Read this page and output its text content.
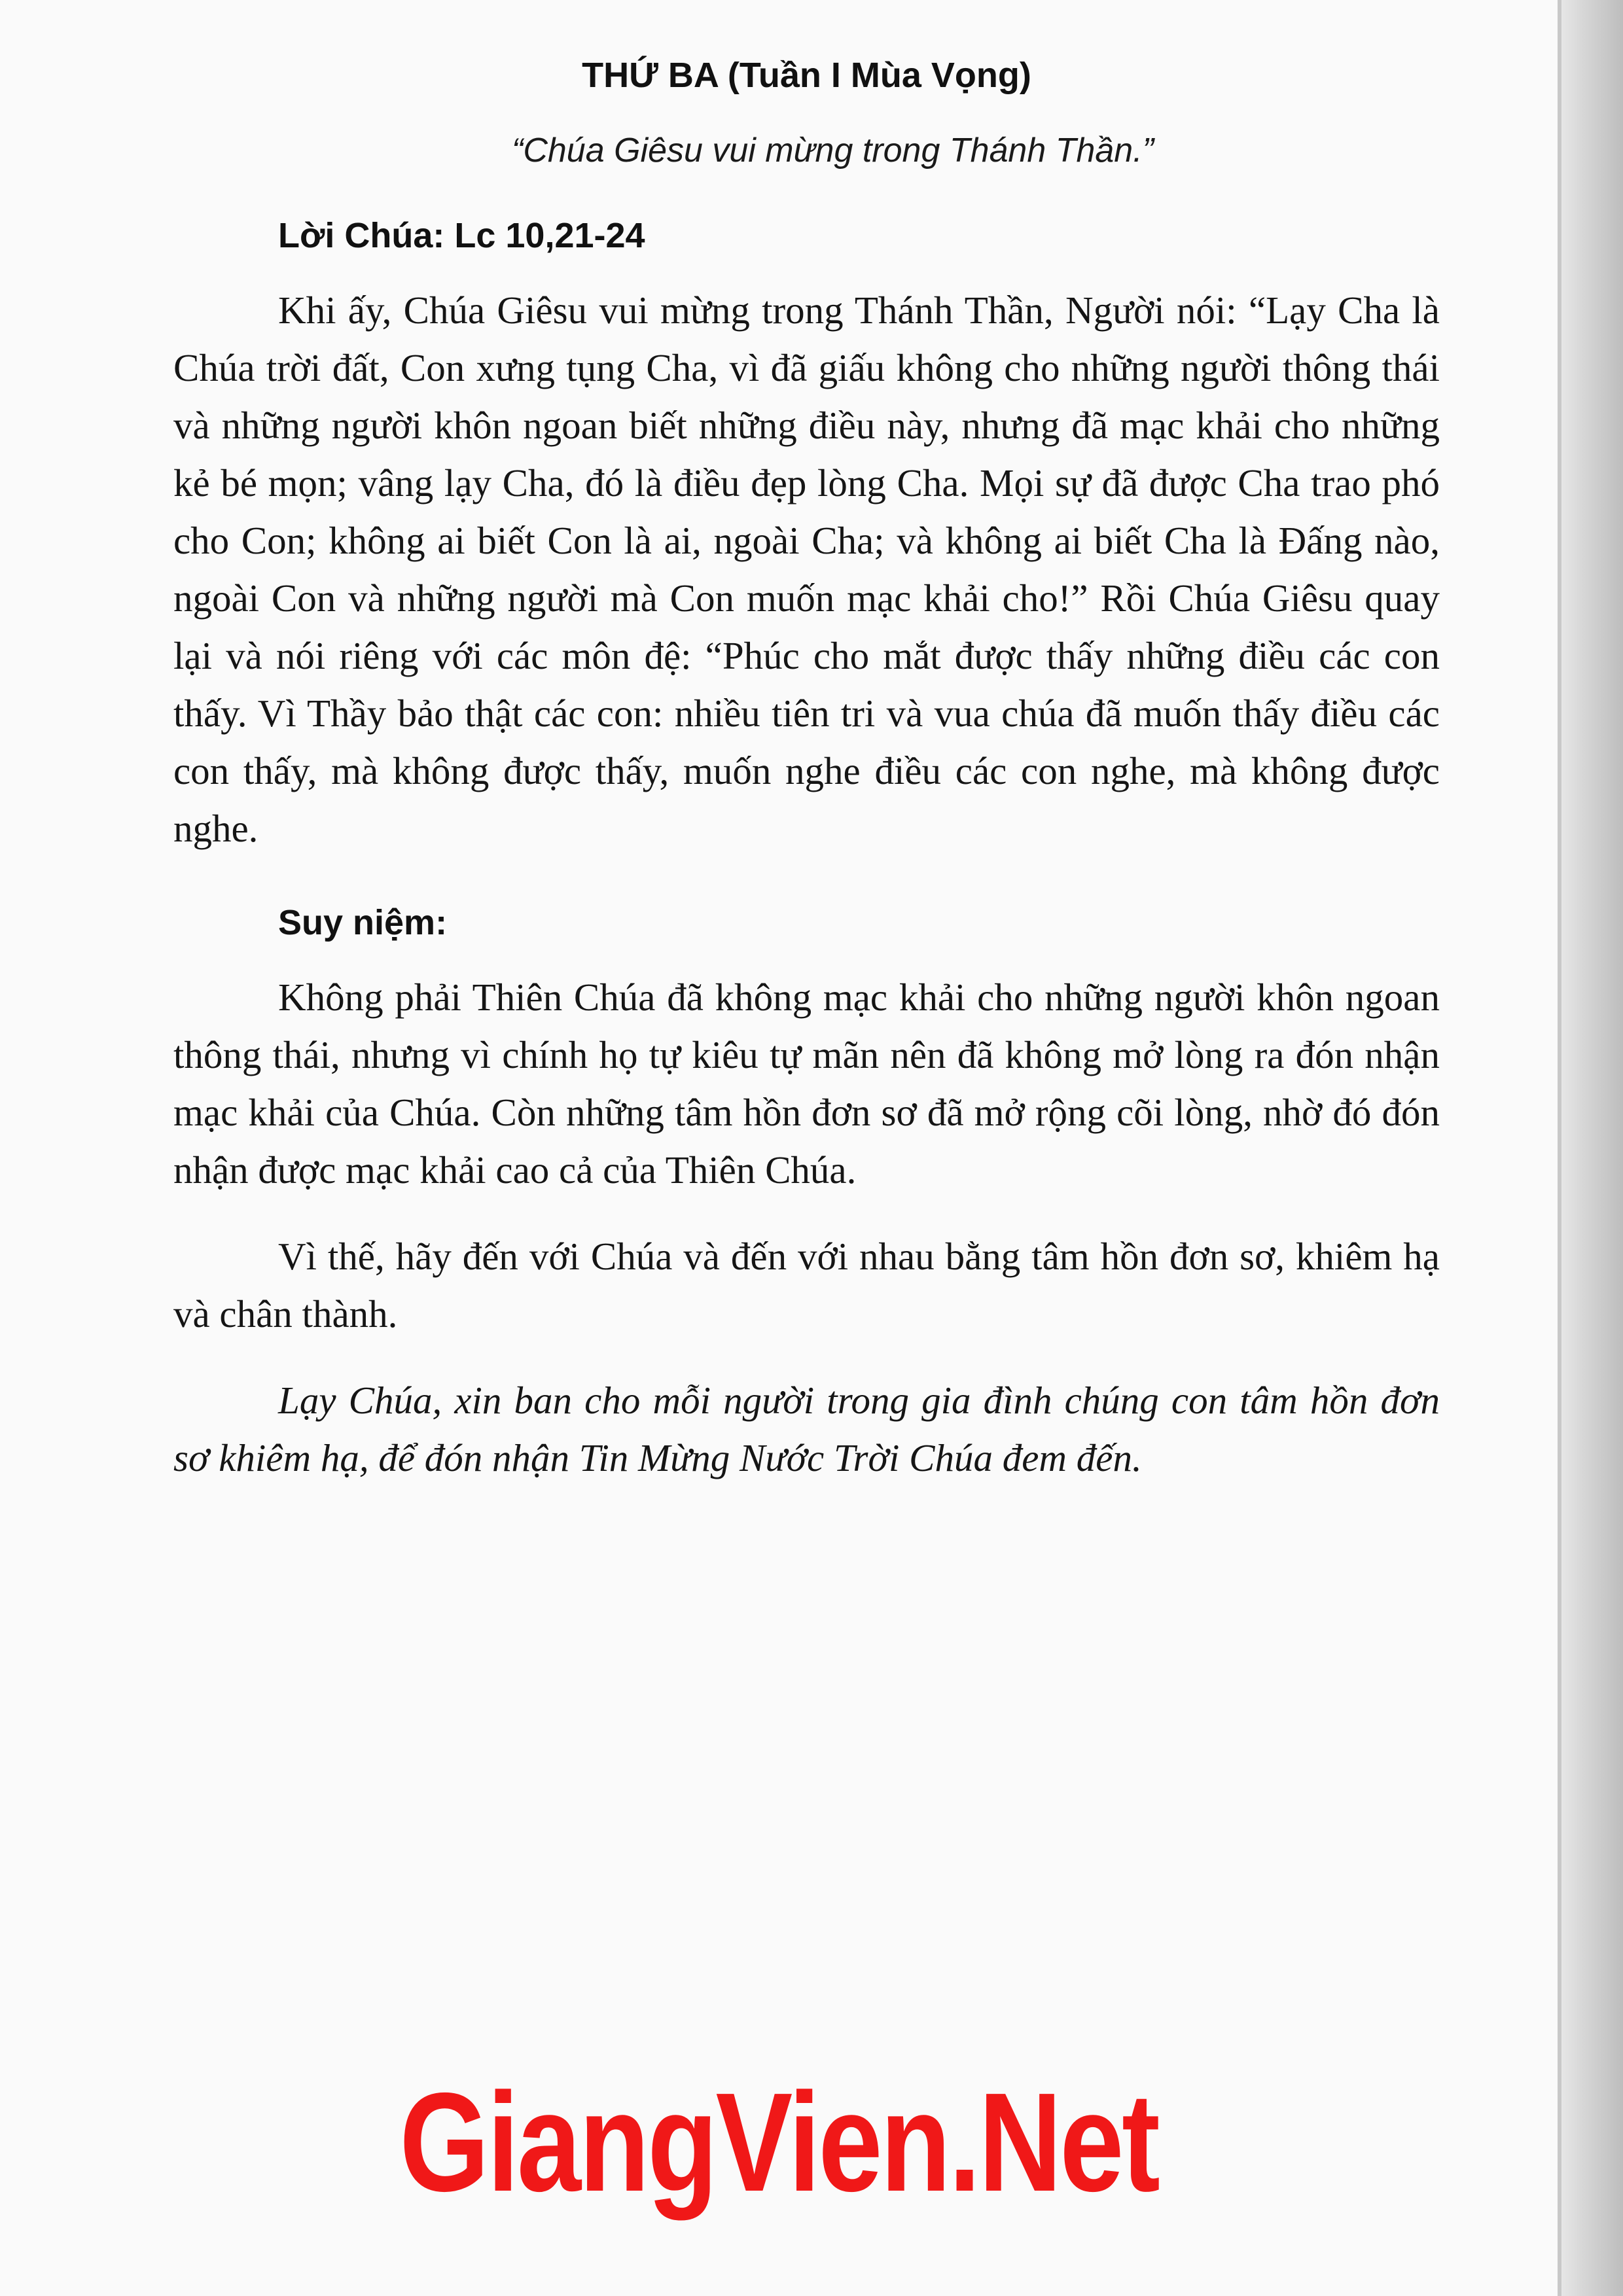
THỨ BA (Tuần I Mùa Vọng)
“Chúa Giêsu vui mừng trong Thánh Thần.”
Lời Chúa: Lc 10,21-24

Khi ấy, Chúa Giêsu vui mừng trong Thánh Thần, Người nói: “Lạy Cha là Chúa trời đất, Con xưng tụng Cha, vì đã giấu không cho những người thông thái và những người khôn ngoan biết những điều này, nhưng đã mạc khải cho những kẻ bé mọn; vâng lạy Cha, đó là điều đẹp lòng Cha. Mọi sự đã được Cha trao phó cho Con; không ai biết Con là ai, ngoài Cha; và không ai biết Cha là Đấng nào, ngoài Con và những người mà Con muốn mạc khải cho!” Rồi Chúa Giêsu quay lại và nói riêng với các môn đệ: “Phúc cho mắt được thấy những điều các con thấy. Vì Thầy bảo thật các con: nhiều tiên tri và vua chúa đã muốn thấy điều các con thấy, mà không được thấy, muốn nghe điều các con nghe, mà không được nghe.

Suy niệm:

Không phải Thiên Chúa đã không mạc khải cho những người khôn ngoan thông thái, nhưng vì chính họ tự kiêu tự mãn nên đã không mở lòng ra đón nhận mạc khải của Chúa. Còn những tâm hồn đơn sơ đã mở rộng cõi lòng, nhờ đó đón nhận được mạc khải cao cả của Thiên Chúa.

Vì thế, hãy đến với Chúa và đến với nhau bằng tâm hồn đơn sơ, khiêm hạ và chân thành.

Lạy Chúa, xin ban cho mỗi người trong gia đình chúng con tâm hồn đơn sơ khiêm hạ, để đón nhận Tin Mừng Nước Trời Chúa đem đến.

GiangVien.Net
